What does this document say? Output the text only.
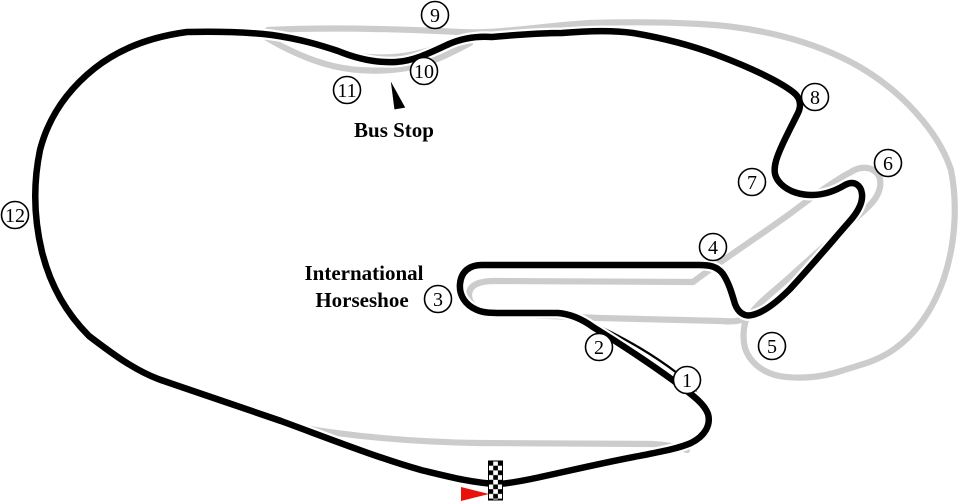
Bus Stop
International
Horseshoe
1
2
3
4
5
6
7
8
9
10
11
12
